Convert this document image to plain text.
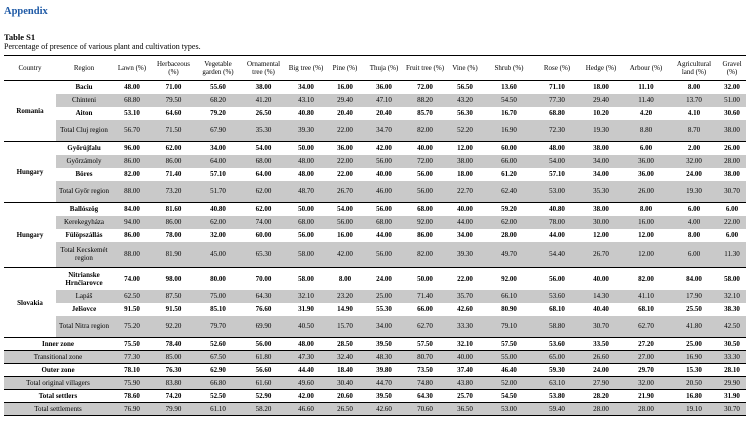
Appendix
Table S1
Percentage of presence of various plant and cultivation types.
Country	Region	Lawn (%)	Herbaceous (%)	Vegetable garden (%)	Ornamental tree (%)	Big tree (%)	Pine (%)	Thuja (%)	Fruit tree (%)	Vine (%)	Shrub (%)	Rose (%)	Hedge (%)	Arbour (%)	Agricultural land (%)	Gravel (%)
Romania	Baciu	48.00	71.00	55.60	38.00	34.00	16.00	36.00	72.00	56.50	13.60	71.10	18.00	11.10	8.00	32.00
	Chinteni	68.80	79.50	68.20	41.20	43.10	29.40	47.10	88.20	43.20	54.50	77.30	29.40	11.40	13.70	51.00
	Aiton	53.10	64.60	79.20	26.50	40.80	20.40	20.40	85.70	56.30	16.70	68.80	10.20	4.20	4.10	30.60
	Total Cluj region	56.70	71.50	67.90	35.30	39.30	22.00	34.70	82.00	52.20	16.90	72.30	19.30	8.80	8.70	38.00
Hungary	Győrújfalu	96.00	62.00	34.00	54.00	50.00	36.00	42.00	40.00	12.00	60.00	48.00	38.00	6.00	2.00	26.00
	Győrzámoly	86.00	86.00	64.00	68.00	48.00	22.00	56.00	72.00	38.00	66.00	54.00	34.00	36.00	32.00	28.00
	Böres	82.00	71.40	57.10	64.00	48.00	22.00	40.00	56.00	18.00	61.20	57.10	34.00	36.00	24.00	38.00
	Total Győr region	88.00	73.20	51.70	62.00	48.70	26.70	46.00	56.00	22.70	62.40	53.00	35.30	26.00	19.30	30.70
Hungary	Ballószög	84.00	81.60	40.80	62.00	50.00	54.00	56.00	68.00	40.00	59.20	40.80	38.00	8.00	6.00	6.00
	Kerekegyháza	94.00	86.00	62.00	74.00	68.00	56.00	68.00	92.00	44.00	62.00	78.00	30.00	16.00	4.00	22.00
	Fülöpszállás	86.00	78.00	32.00	60.00	56.00	16.00	44.00	86.00	34.00	28.00	44.00	12.00	12.00	8.00	6.00
	Total Kecskemét region	88.00	81.90	45.00	65.30	58.00	42.00	56.00	82.00	39.30	49.70	54.40	26.70	12.00	6.00	11.30
Slovakia	Nitrianske Hrnčiarovce	74.00	98.00	80.00	70.00	58.00	8.00	24.00	50.00	22.00	92.00	56.00	40.00	82.00	84.00	58.00
	Lapáš	62.50	87.50	75.00	64.30	32.10	23.20	25.00	71.40	35.70	66.10	53.60	14.30	41.10	17.90	32.10
	Jelšovce	91.50	91.50	85.10	76.60	31.90	14.90	55.30	66.00	42.60	80.90	68.10	40.40	68.10	25.50	38.30
	Total Nitra region	75.20	92.20	79.70	69.90	40.50	15.70	34.00	62.70	33.30	79.10	58.80	30.70	62.70	41.80	42.50
Inner zone		75.50	78.40	52.60	56.00	48.00	28.50	39.50	57.50	32.10	57.50	53.60	33.50	27.20	25.00	30.50
Transitional zone		77.30	85.00	67.50	61.80	47.30	32.40	48.30	80.70	40.00	55.00	65.00	26.60	27.00	16.90	33.30
Outer zone		78.10	76.30	62.90	56.60	44.40	18.40	39.80	73.50	37.40	46.40	59.30	24.00	29.70	15.30	28.10
Total original villagers		75.90	83.80	66.80	61.60	49.60	30.40	44.70	74.80	43.80	52.00	63.10	27.90	32.00	20.50	29.90
Total settlers		78.60	74.20	52.50	52.90	42.00	20.60	39.50	64.30	25.70	54.50	53.80	28.20	21.90	16.80	31.90
Total settlements		76.90	79.90	61.10	58.20	46.60	26.50	42.60	70.60	36.50	53.00	59.40	28.00	28.00	19.10	30.70
